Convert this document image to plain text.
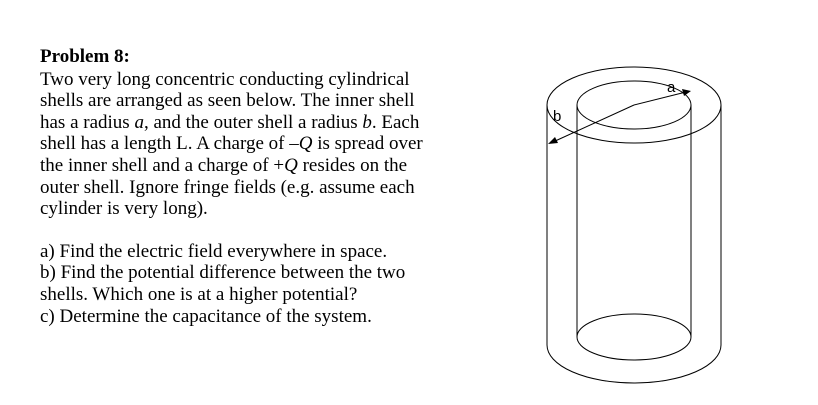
Problem 8:
Two very long concentric conducting cylindrical
shells are arranged as seen below. The inner shell
has a radius a, and the outer shell a radius b. Each
shell has a length L. A charge of –Q is spread over
the inner shell and a charge of +Q resides on the
outer shell. Ignore fringe fields (e.g. assume each
cylinder is very long).
a) Find the electric field everywhere in space.
b) Find the potential difference between the two
shells. Which one is at a higher potential?
c) Determine the capacitance of the system.
a
b
